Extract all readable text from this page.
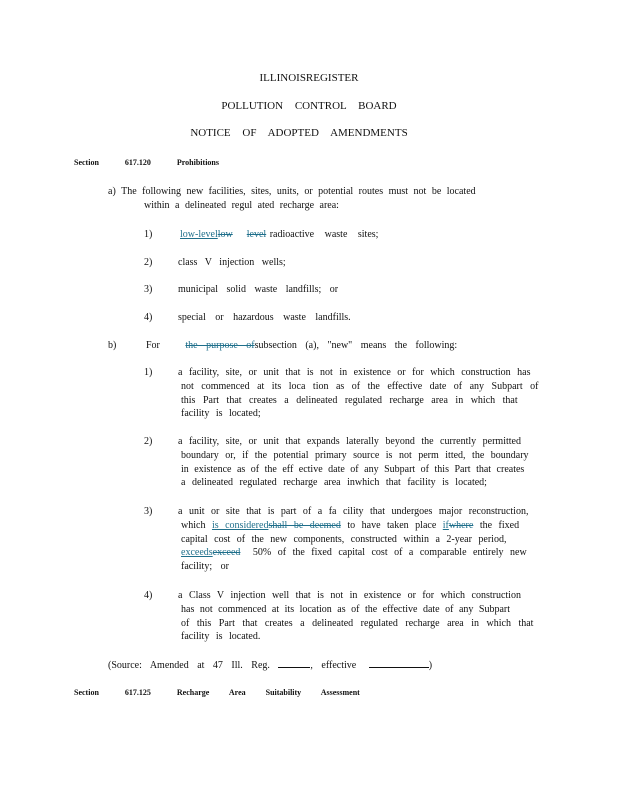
ILLINOISREGISTER
POLLUTION CONTROL BOARD
NOTICE OF ADOPTED AMENDMENTS
Section	617.120	Prohibitions
a) The following new facilities, sites, units, or potential routes must not be located
within a delineated regul ated recharge area:
1)	low-levellow level radioactive waste sites;
2)	class V injection wells;
3)	municipal solid waste landfills; or
4)	special or hazardous waste landfills.
b)	For	the purpose ofsubsection (a), "new" means the following:
1)	a facility, site, or unit that is not in existence or for which construction has
not commenced at its loca tion as of the effective date of any Subpart of
this Part that creates a delineated regulated recharge area in which that
facility is located;
2)	a facility, site, or unit that expands laterally beyond the currently permitted
boundary or, if the potential primary source is not perm itted, the boundary
in existence as of the eff ective date of any Subpart of this Part that creates
a delineated regulated recharge area inwhich that facility is located;
3)	a unit or site that is part of a fa cility that undergoes major reconstruction,
which is consideredshall be deemed to have taken place ifwhere the fixed
capital cost of the new components, constructed within a 2-year period,
exceedsexceed 50% of the fixed capital cost of a comparable entirely new
facility; or
4)	a Class V injection well that is not in existence or for which construction
has not commenced at its location as of the effective date of any Subpart
of this Part that creates a delineated regulated recharge area in which that
facility is located.
(Source: Amended at 47 Ill. Reg.	, effective	)
Section	617.125	Recharge Area Suitability Assessment
